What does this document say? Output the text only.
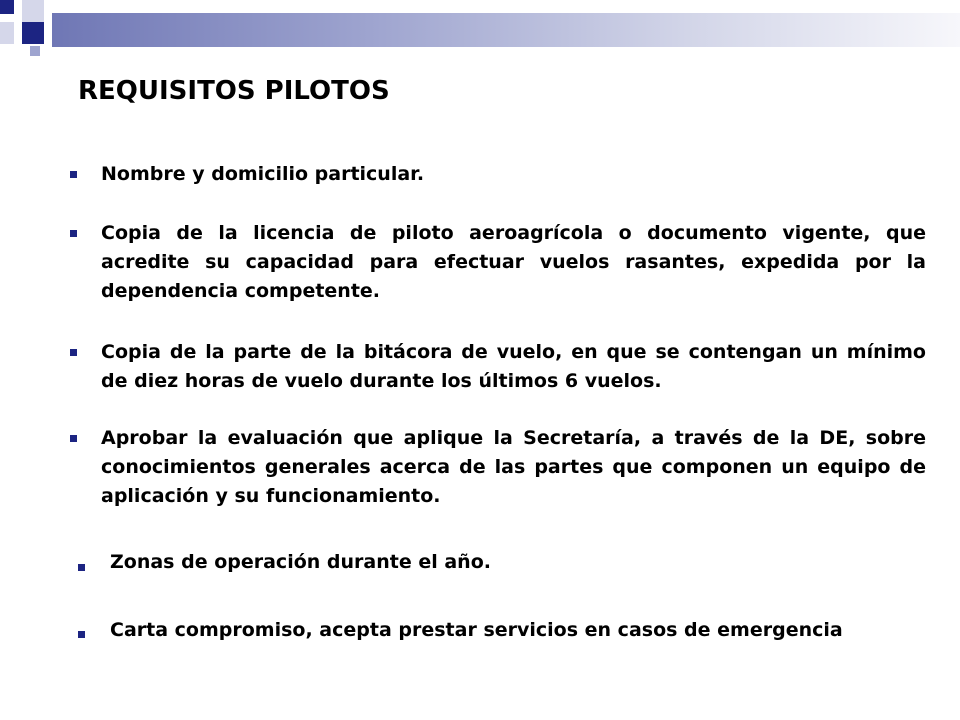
REQUISITOS PILOTOS
Nombre y domicilio particular.
Copia de la licencia de piloto aeroagrícola o documento vigente, que acredite su capacidad para efectuar vuelos rasantes, expedida por la dependencia competente.
Copia de la parte de la bitácora de vuelo, en que se contengan un mínimo de diez horas de vuelo durante los últimos 6 vuelos.
Aprobar la evaluación que aplique la Secretaría, a través de la DE, sobre conocimientos generales acerca de las partes que componen un equipo de aplicación y su funcionamiento.
Zonas de operación durante el año.
Carta compromiso, acepta prestar servicios en casos de emergencia
